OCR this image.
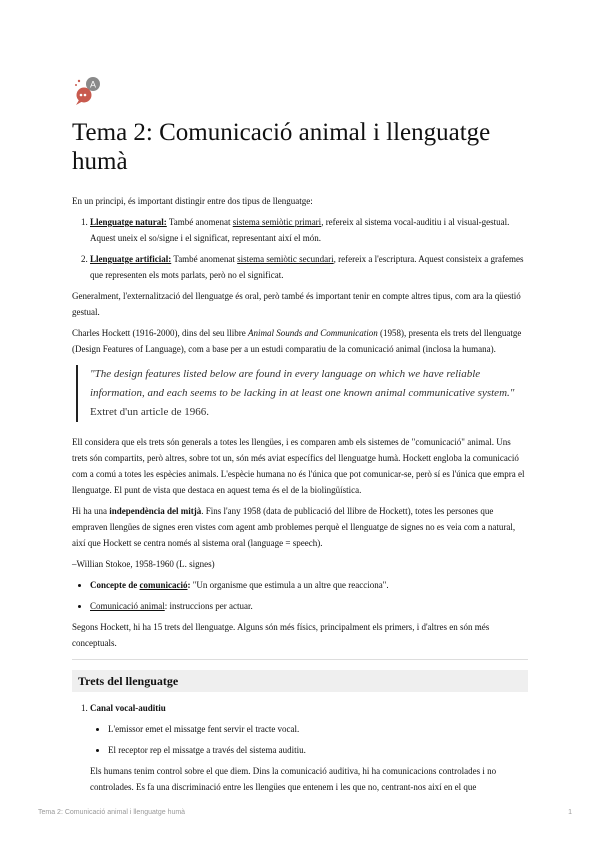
A
Tema 2: Comunicació animal i llenguatge humà

En un principi, és important distingir entre dos tipus de llenguatge:

1. Llenguatge natural: També anomenat sistema semiòtic primari, refereix al sistema vocal-auditiu i al visual-gestual. Aquest uneix el so/signe i el significat, representant així el món.
2. Llenguatge artificial: També anomenat sistema semiòtic secundari, refereix a l'escriptura. Aquest consisteix a grafemes que representen els mots parlats, però no el significat.

Generalment, l'externalització del llenguatge és oral, però també és important tenir en compte altres tipus, com ara la qüestió gestual.

Charles Hockett (1916-2000), dins del seu llibre Animal Sounds and Communication (1958), presenta els trets del llenguatge (Design Features of Language), com a base per a un estudi comparatiu de la comunicació animal (inclosa la humana).

"The design features listed below are found in every language on which we have reliable information, and each seems to be lacking in at least one known animal communicative system." Extret d'un article de 1966.

Ell considera que els trets són generals a totes les llengües, i es comparen amb els sistemes de "comunicació" animal. Uns trets són compartits, però altres, sobre tot un, són més aviat específics del llenguatge humà. Hockett engloba la comunicació com a comú a totes les espècies animals. L'espècie humana no és l'única que pot comunicar-se, però sí es l'única que empra el llenguatge. El punt de vista que destaca en aquest tema és el de la biolingüística.

Hi ha una independència del mitjà. Fins l'any 1958 (data de publicació del llibre de Hockett), totes les persones que empraven llengües de signes eren vistes com agent amb problemes perquè el llenguatge de signes no es veia com a natural, així que Hockett se centra només al sistema oral (language = speech).

–Willian Stokoe, 1958-1960 (L. signes)

• Concepte de comunicació: "Un organisme que estimula a un altre que reacciona".
• Comunicació animal: instruccions per actuar.

Segons Hockett, hi ha 15 trets del llenguatge. Alguns són més físics, principalment els primers, i d'altres en són més conceptuals.

Trets del llenguatge
1. Canal vocal-auditiu
• L'emissor emet el missatge fent servir el tracte vocal.
• El receptor rep el missatge a través del sistema auditiu.

Els humans tenim control sobre el que diem. Dins la comunicació auditiva, hi ha comunicacions controlades i no controlades. Es fa una discriminació entre les llengües que entenem i les que no, centrant-nos així en el que

Tema 2: Comunicació animal i llenguatge humà	1
